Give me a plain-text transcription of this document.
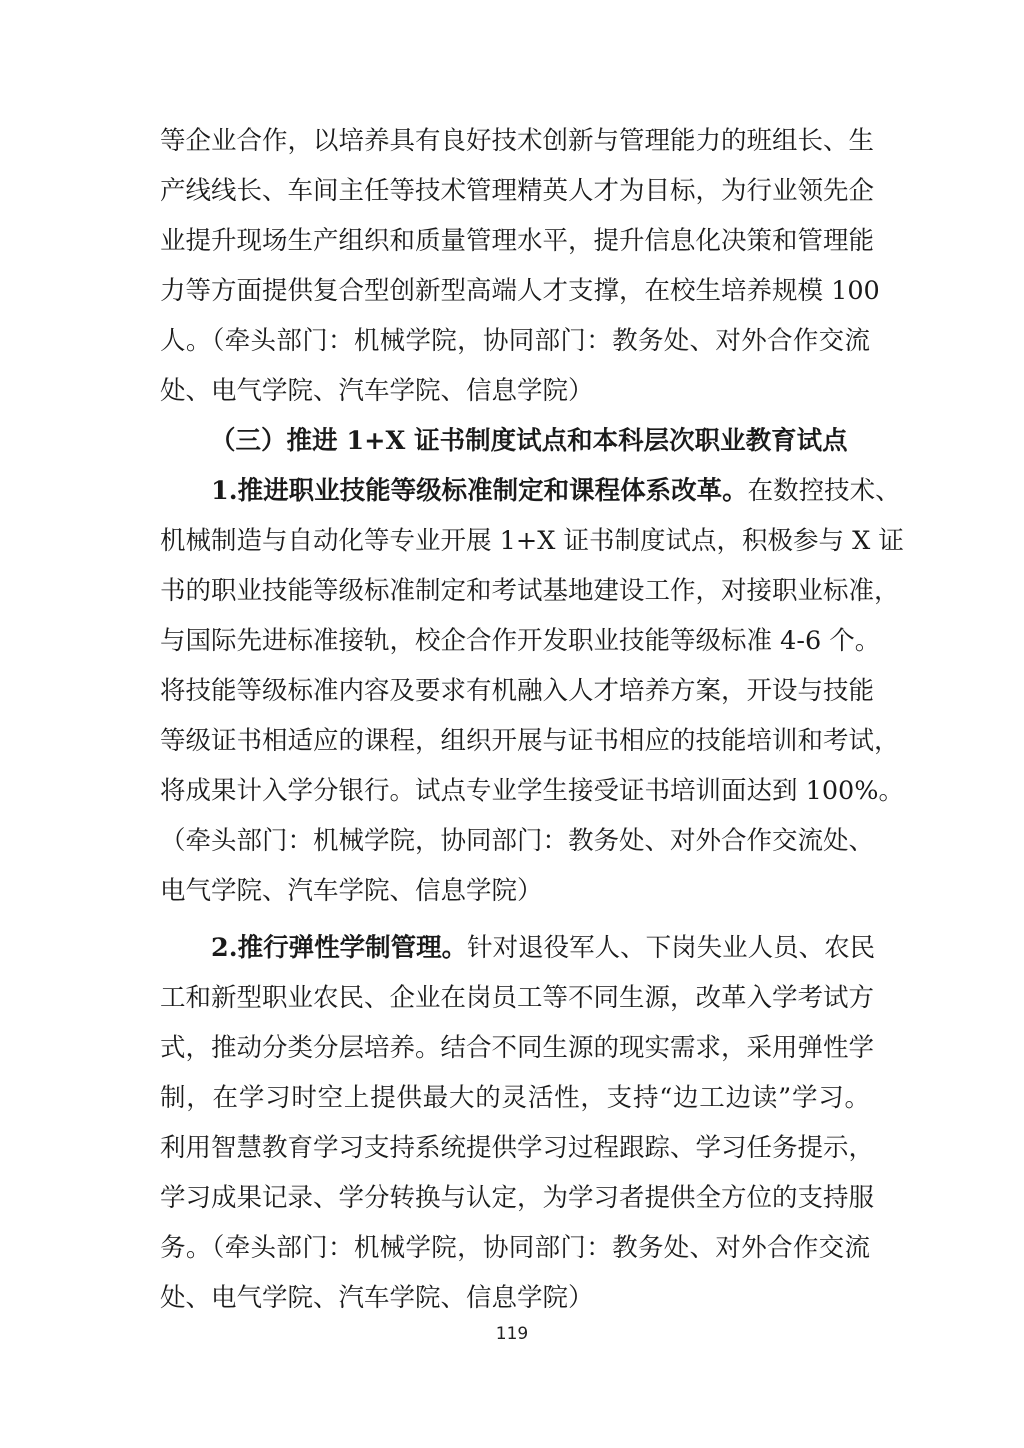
等企业合作，以培养具有良好技术创新与管理能力的班组长、生
产线线长、车间主任等技术管理精英人才为目标，为行业领先企
业提升现场生产组织和质量管理水平，提升信息化决策和管理能
力等方面提供复合型创新型高端人才支撑，在校生培养规模 100
人。（牵头部门：机械学院，协同部门：教务处、对外合作交流
处、电气学院、汽车学院、信息学院）
（三）推进 1+X 证书制度试点和本科层次职业教育试点
1.推进职业技能等级标准制定和课程体系改革。在数控技术、
机械制造与自动化等专业开展 1+X 证书制度试点，积极参与 X 证
书的职业技能等级标准制定和考试基地建设工作，对接职业标准，
与国际先进标准接轨，校企合作开发职业技能等级标准 4-6 个。
将技能等级标准内容及要求有机融入人才培养方案，开设与技能
等级证书相适应的课程，组织开展与证书相应的技能培训和考试，
将成果计入学分银行。试点专业学生接受证书培训面达到 100%。
（牵头部门：机械学院，协同部门：教务处、对外合作交流处、
电气学院、汽车学院、信息学院）
2.推行弹性学制管理。针对退役军人、下岗失业人员、农民
工和新型职业农民、企业在岗员工等不同生源，改革入学考试方
式，推动分类分层培养。结合不同生源的现实需求，采用弹性学
制，在学习时空上提供最大的灵活性，支持“边工边读”学习。
利用智慧教育学习支持系统提供学习过程跟踪、学习任务提示，
学习成果记录、学分转换与认定，为学习者提供全方位的支持服
务。（牵头部门：机械学院，协同部门：教务处、对外合作交流
处、电气学院、汽车学院、信息学院）
119
